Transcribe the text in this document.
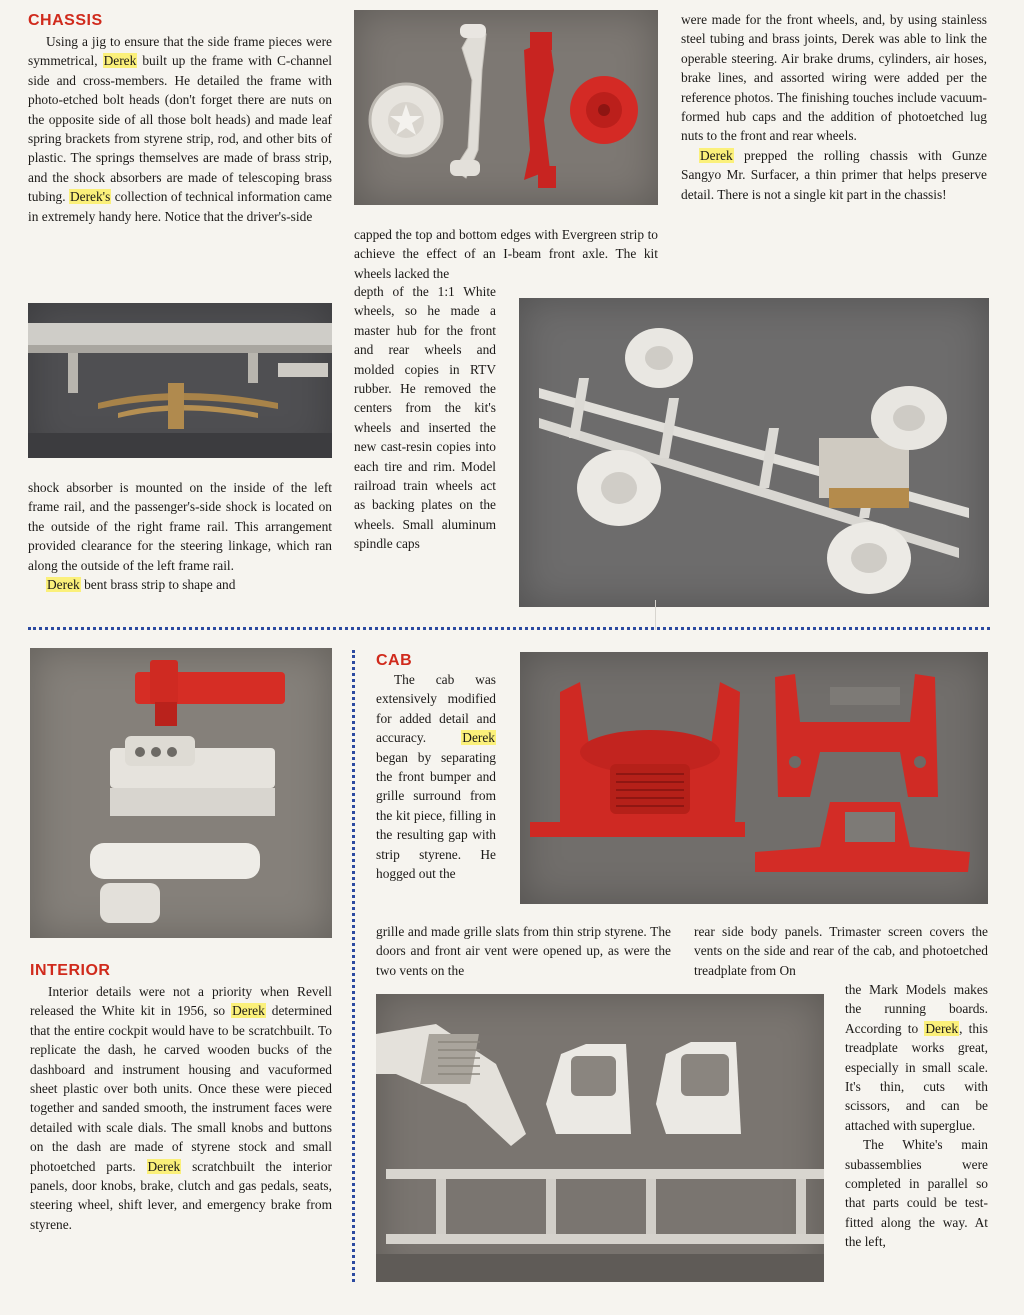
CHASSIS
INTERIOR
CAB

Using a jig to ensure that the side frame pieces were symmetrical, Derek built up the frame with C-channel side and cross-members. He detailed the frame with photo-etched bolt heads (don't forget there are nuts on the opposite side of all those bolt heads) and made leaf spring brackets from styrene strip, rod, and other bits of plastic. The springs themselves are made of brass strip, and the shock absorbers are made of telescoping brass tubing. Derek's collection of technical information came in extremely handy here. Notice that the driver's-side

shock absorber is mounted on the inside of the left frame rail, and the passenger's-side shock is located on the outside of the right frame rail. This arrangement provided clearance for the steering linkage, which ran along the outside of the left frame rail.

Derek bent brass strip to shape and

capped the top and bottom edges with Evergreen strip to achieve the effect of an I-beam front axle. The kit wheels lacked the

depth of the 1:1 White wheels, so he made a master hub for the front and rear wheels and molded copies in RTV rubber. He removed the centers from the kit's wheels and inserted the new cast-resin copies into each tire and rim. Model railroad train wheels act as backing plates on the wheels. Small aluminum spindle caps

were made for the front wheels, and, by using stainless steel tubing and brass joints, Derek was able to link the operable steering. Air brake drums, cylinders, air hoses, brake lines, and assorted wiring were added per the reference photos. The finishing touches include vacuum-formed hub caps and the addition of photoetched lug nuts to the front and rear wheels.

Derek prepped the rolling chassis with Gunze Sangyo Mr. Surfacer, a thin primer that helps preserve detail. There is not a single kit part in the chassis!

Interior details were not a priority when Revell released the White kit in 1956, so Derek determined that the entire cockpit would have to be scratchbuilt. To replicate the dash, he carved wooden bucks of the dashboard and instrument housing and vacuformed sheet plastic over both units. Once these were pieced together and sanded smooth, the instrument faces were detailed with scale dials. The small knobs and buttons on the dash are made of styrene stock and small photoetched parts. Derek scratchbuilt the interior panels, door knobs, brake, clutch and gas pedals, seats, steering wheel, shift lever, and emergency brake from styrene.

The cab was extensively modified for added detail and accuracy. Derek began by separating the front bumper and grille surround from the kit piece, filling in the resulting gap with strip styrene. He hogged out the

grille and made grille slats from thin strip styrene. The doors and front air vent were opened up, as were the two vents on the

rear side body panels. Trimaster screen covers the vents on the side and rear of the cab, and photoetched treadplate from On

the Mark Models makes the running boards. According to Derek, this treadplate works great, especially in small scale. It's thin, cuts with scissors, and can be attached with superglue.

The White's main subassemblies were completed in parallel so that parts could be test-fitted along the way. At the left,
